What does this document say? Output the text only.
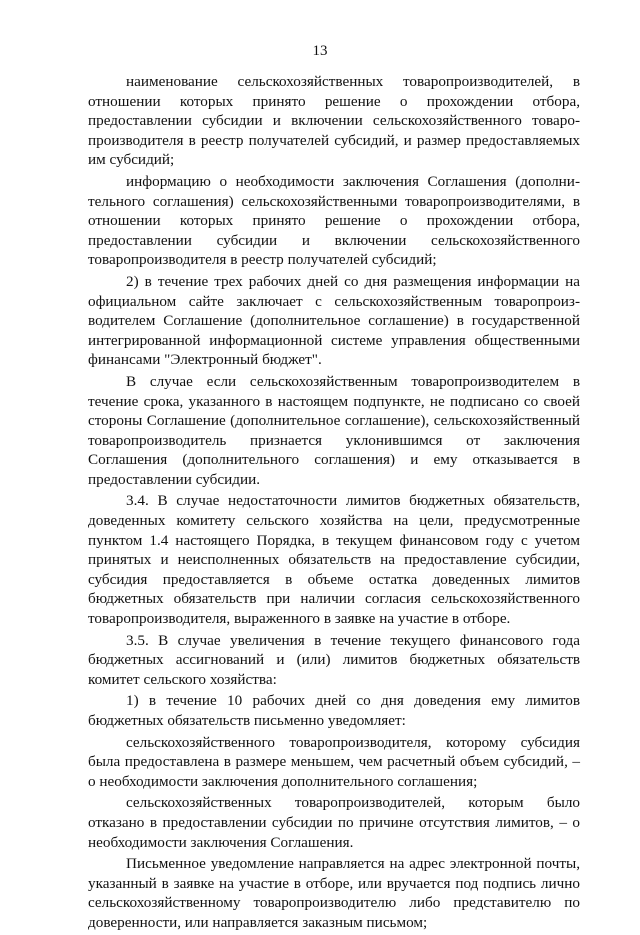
13

наименование сельскохозяйственных товаропроизводителей, в отношении которых принято решение о прохождении отбора, предоставлении субсидии и включении сельскохозяйственного товаропроизводителя в реестр получателей субсидий, и размер предоставляемых им субсидий;

информацию о необходимости заключения Соглашения (дополнительного соглашения) сельскохозяйственными товаропроизводителями, в отношении которых принято решение о прохождении отбора, предоставлении субсидии и включении сельскохозяйственного товаропроизводителя в реестр получателей субсидий;

2) в течение трех рабочих дней со дня размещения информации на официальном сайте заключает с сельскохозяйственным товаропроизводителем Соглашение (дополнительное соглашение) в государственной интегрированной информационной системе управления общественными финансами "Электронный бюджет".

В случае если сельскохозяйственным товаропроизводителем в течение срока, указанного в настоящем подпункте, не подписано со своей стороны Соглашение (дополнительное соглашение), сельскохозяйственный товаропроизводитель признается уклонившимся от заключения Соглашения (дополнительного соглашения) и ему отказывается в предоставлении субсидии.

3.4. В случае недостаточности лимитов бюджетных обязательств, доведенных комитету сельского хозяйства на цели, предусмотренные пунктом 1.4 настоящего Порядка, в текущем финансовом году с учетом принятых и неисполненных обязательств на предоставление субсидии, субсидия предоставляется в объеме остатка доведенных лимитов бюджетных обязательств при наличии согласия сельскохозяйственного товаропроизводителя, выраженного в заявке на участие в отборе.

3.5. В случае увеличения в течение текущего финансового года бюджетных ассигнований и (или) лимитов бюджетных обязательств комитет сельского хозяйства:

1) в течение 10 рабочих дней со дня доведения ему лимитов бюджетных обязательств письменно уведомляет:

сельскохозяйственного товаропроизводителя, которому субсидия была предоставлена в размере меньшем, чем расчетный объем субсидий, – о необходимости заключения дополнительного соглашения;

сельскохозяйственных товаропроизводителей, которым было отказано в предоставлении субсидии по причине отсутствия лимитов, – о необходимости заключения Соглашения.

Письменное уведомление направляется на адрес электронной почты, указанный в заявке на участие в отборе, или вручается под подпись лично сельскохозяйственному товаропроизводителю либо представителю по доверенности, или направляется заказным письмом;
